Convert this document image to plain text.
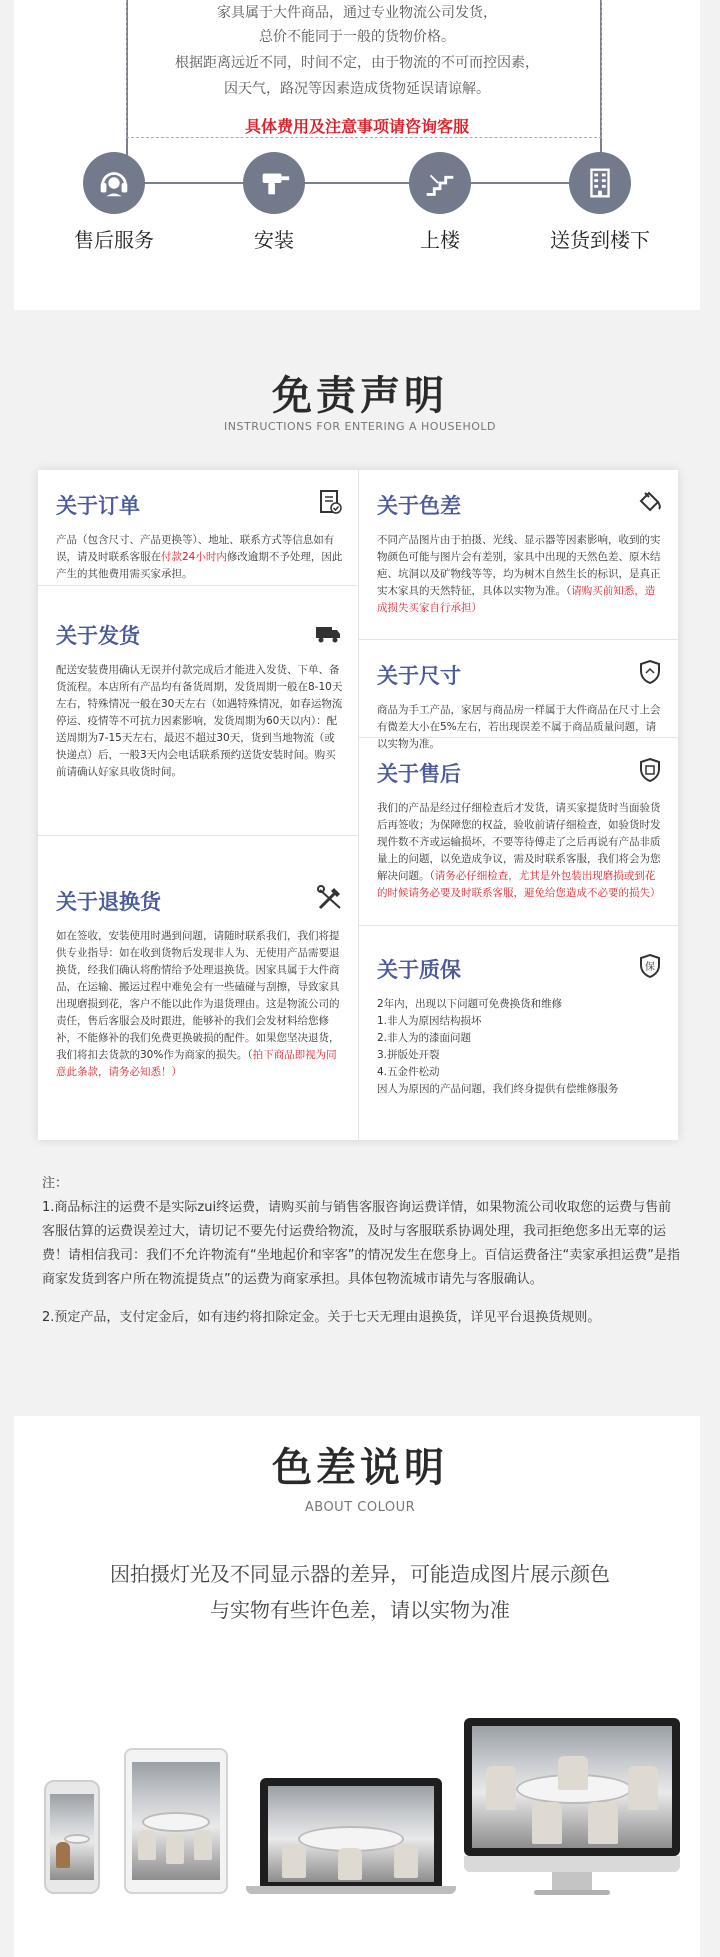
家具属于大件商品，通过专业物流公司发货，
总价不能同于一般的货物价格。
根据距离远近不同，时间不定，由于物流的不可而控因素，
因天气，路况等因素造成货物延误请谅解。
具体费用及注意事项请咨询客服
售后服务	安装	上楼	送货到楼下
免责声明
INSTRUCTIONS FOR ENTERING A HOUSEHOLD
关于订单
产品（包含尺寸、产品更换等）、地址、联系方式等信息如有误，请及时联系客服在付款24小时内修改逾期不予处理，因此产生的其他费用需买家承担。
关于发货
配送安装费用确认无误并付款完成后才能进入发货、下单、备货流程。本店所有产品均有备货周期，发货周期一般在8-10天左右，特殊情况一般在30天左右（如遇特殊情况，如春运物流停运、疫情等不可抗力因素影响，发货周期为60天以内）：配送周期为7-15天左右，最迟不超过30天，货到当地物流（或快递点）后，一般3天内会电话联系预约送货安装时间。购买前请确认好家具收货时间。
关于退换货
如在签收，安装使用时遇到问题，请随时联系我们，我们将提供专业指导：如在收到货物后发现非人为、无使用产品需要退换货，经我们确认将酌情给予处理退换货。因家具属于大件商品，在运输、搬运过程中难免会有一些磕碰与刮擦，导致家具出现磨损到花，客户不能以此作为退货理由。这是物流公司的责任，售后客服会及时跟进，能够补的我们会发材料给您修补，不能修补的我们免费更换破损的配件。如果您坚决退货，我们将扣去货款的30%作为商家的损失。（拍下商品即视为同意此条款，请务必知悉！）
关于色差
不同产品图片由于拍摄、光线、显示器等因素影响，收到的实物颜色可能与图片会有差别，家具中出现的天然色差、原木结疤、坑洞以及矿物线等等，均为树木自然生长的标识，是真正实木家具的天然特征，具体以实物为准。（请购买前知悉，造成损失买家自行承担）
关于尺寸
商品为手工产品，家居与商品房一样属于大件商品在尺寸上会有微差大小在5%左右，若出现误差不属于商品质量问题，请以实物为准。
关于售后
我们的产品是经过仔细检查后才发货，请买家提货时当面验货后再签收；为保障您的权益，验收前请仔细检查，如验货时发现件数不齐或运输损坏，不要等待傅走了之后再说有产品非质量上的问题，以免造成争议，需及时联系客服，我们将会为您解决问题。（请务必仔细检查，尤其是外包装出现磨损或到花的时候请务必要及时联系客服，避免给您造成不必要的损失）
关于质保	保
2年内，出现以下问题可免费换货和维修
1.非人为原因结构损坏
2.非人为的漆面问题
3.拼版处开裂
4.五金件松动
因人为原因的产品问题，我们终身提供有偿维修服务

注：

1.商品标注的运费不是实际zui终运费，请购买前与销售客服咨询运费详情，如果物流公司收取您的运费与售前客服估算的运费误差过大，请切记不要先付运费给物流，及时与客服联系协调处理，我司拒绝您多出无辜的运费！请相信我司：我们不允许物流有“坐地起价和宰客”的情况发生在您身上。百信运费备注“卖家承担运费”是指商家发货到客户所在物流提货点”的运费为商家承担。具体包物流城市请先与客服确认。

2.预定产品，支付定金后，如有违约将扣除定金。关于七天无理由退换货，详见平台退换货规则。

色差说明
ABOUT COLOUR
因拍摄灯光及不同显示器的差异，可能造成图片展示颜色
与实物有些许色差，请以实物为准
